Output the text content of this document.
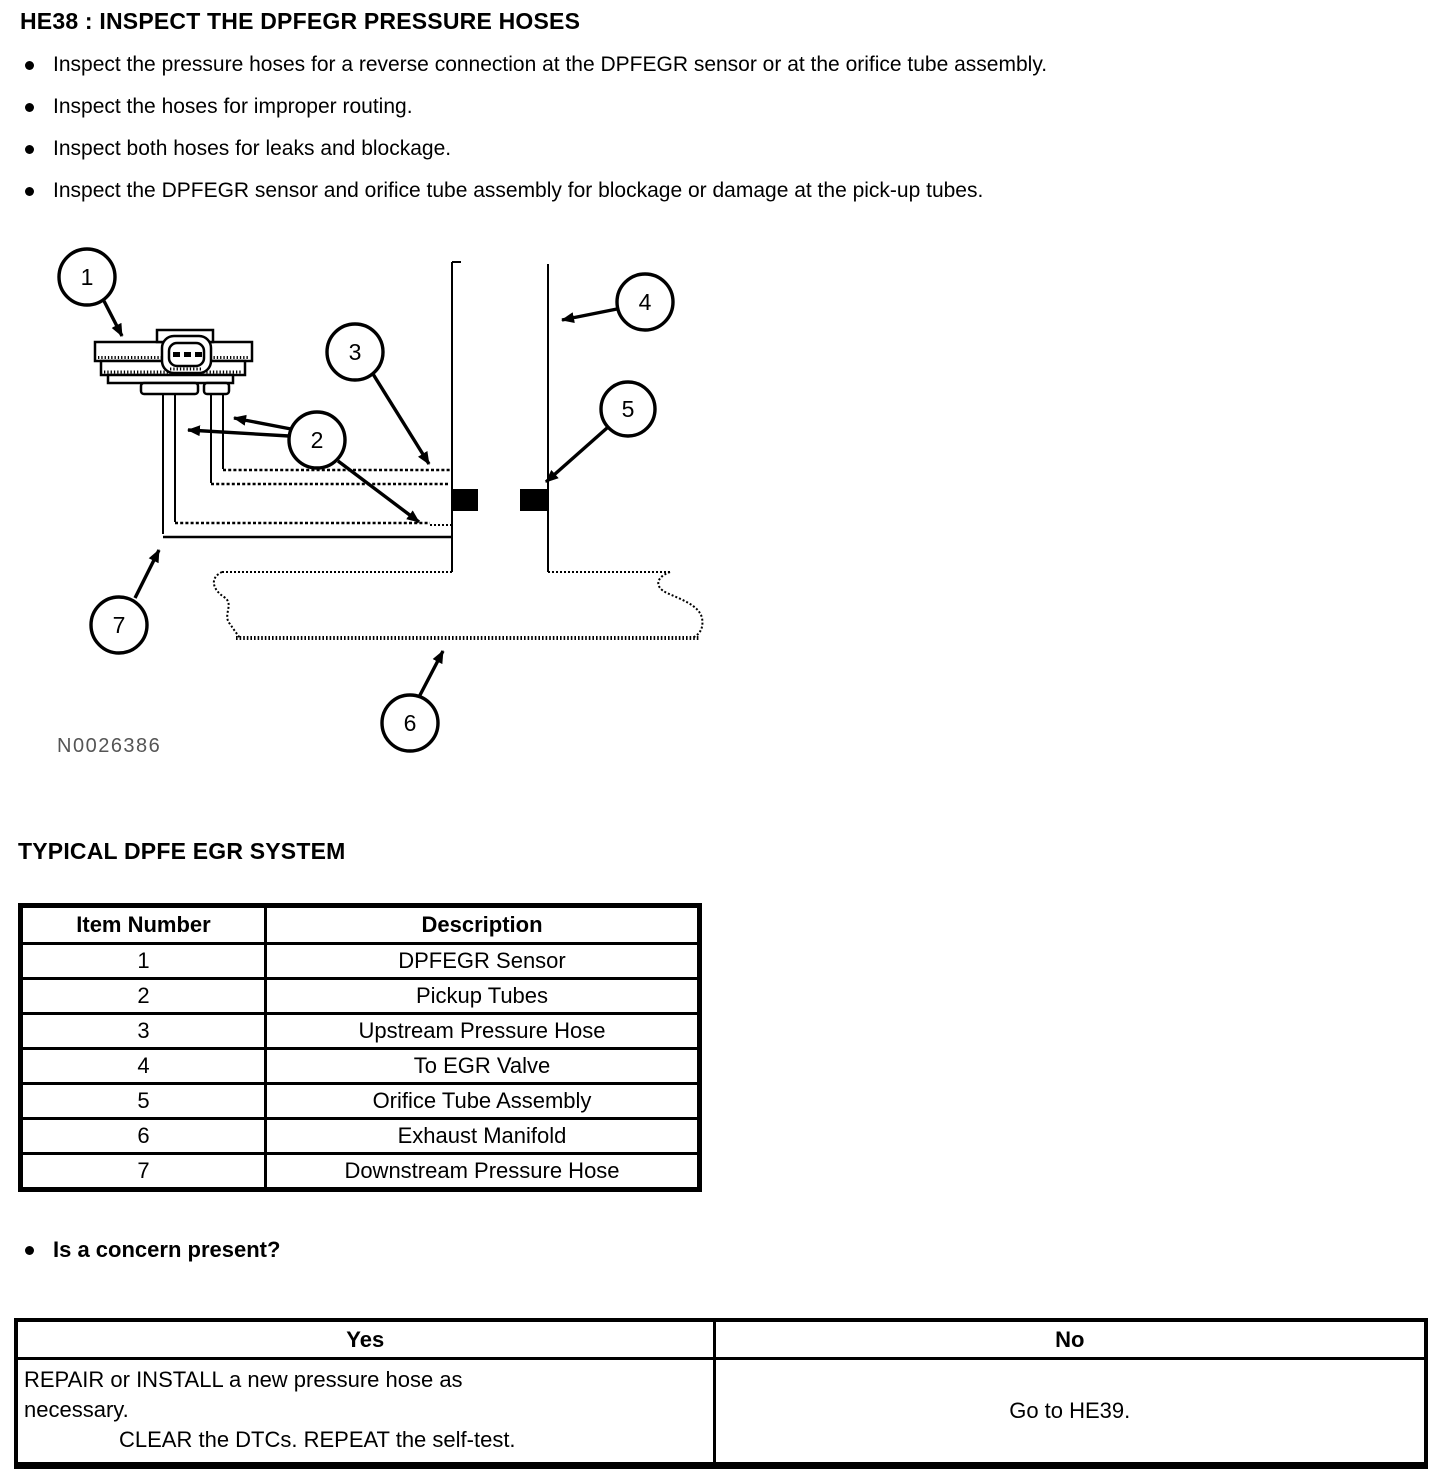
HE38 : INSPECT THE DPFEGR PRESSURE HOSES
Inspect the pressure hoses for a reverse connection at the DPFEGR sensor or at the orifice tube assembly.
Inspect the hoses for improper routing.
Inspect both hoses for leaks and blockage.
Inspect the DPFEGR sensor and orifice tube assembly for blockage or damage at the pick-up tubes.
1
2
3
4
5
6
7
N0026386
TYPICAL DPFE EGR SYSTEM
Item Number	Description
1	DPFEGR Sensor
2	Pickup Tubes
3	Upstream Pressure Hose
4	To EGR Valve
5	Orifice Tube Assembly
6	Exhaust Manifold
7	Downstream Pressure Hose
Is a concern present?
Yes	No

REPAIR or INSTALL a new pressure hose as
necessary.
CLEAR the DTCs. REPEAT the self-test.	Go to HE39.
